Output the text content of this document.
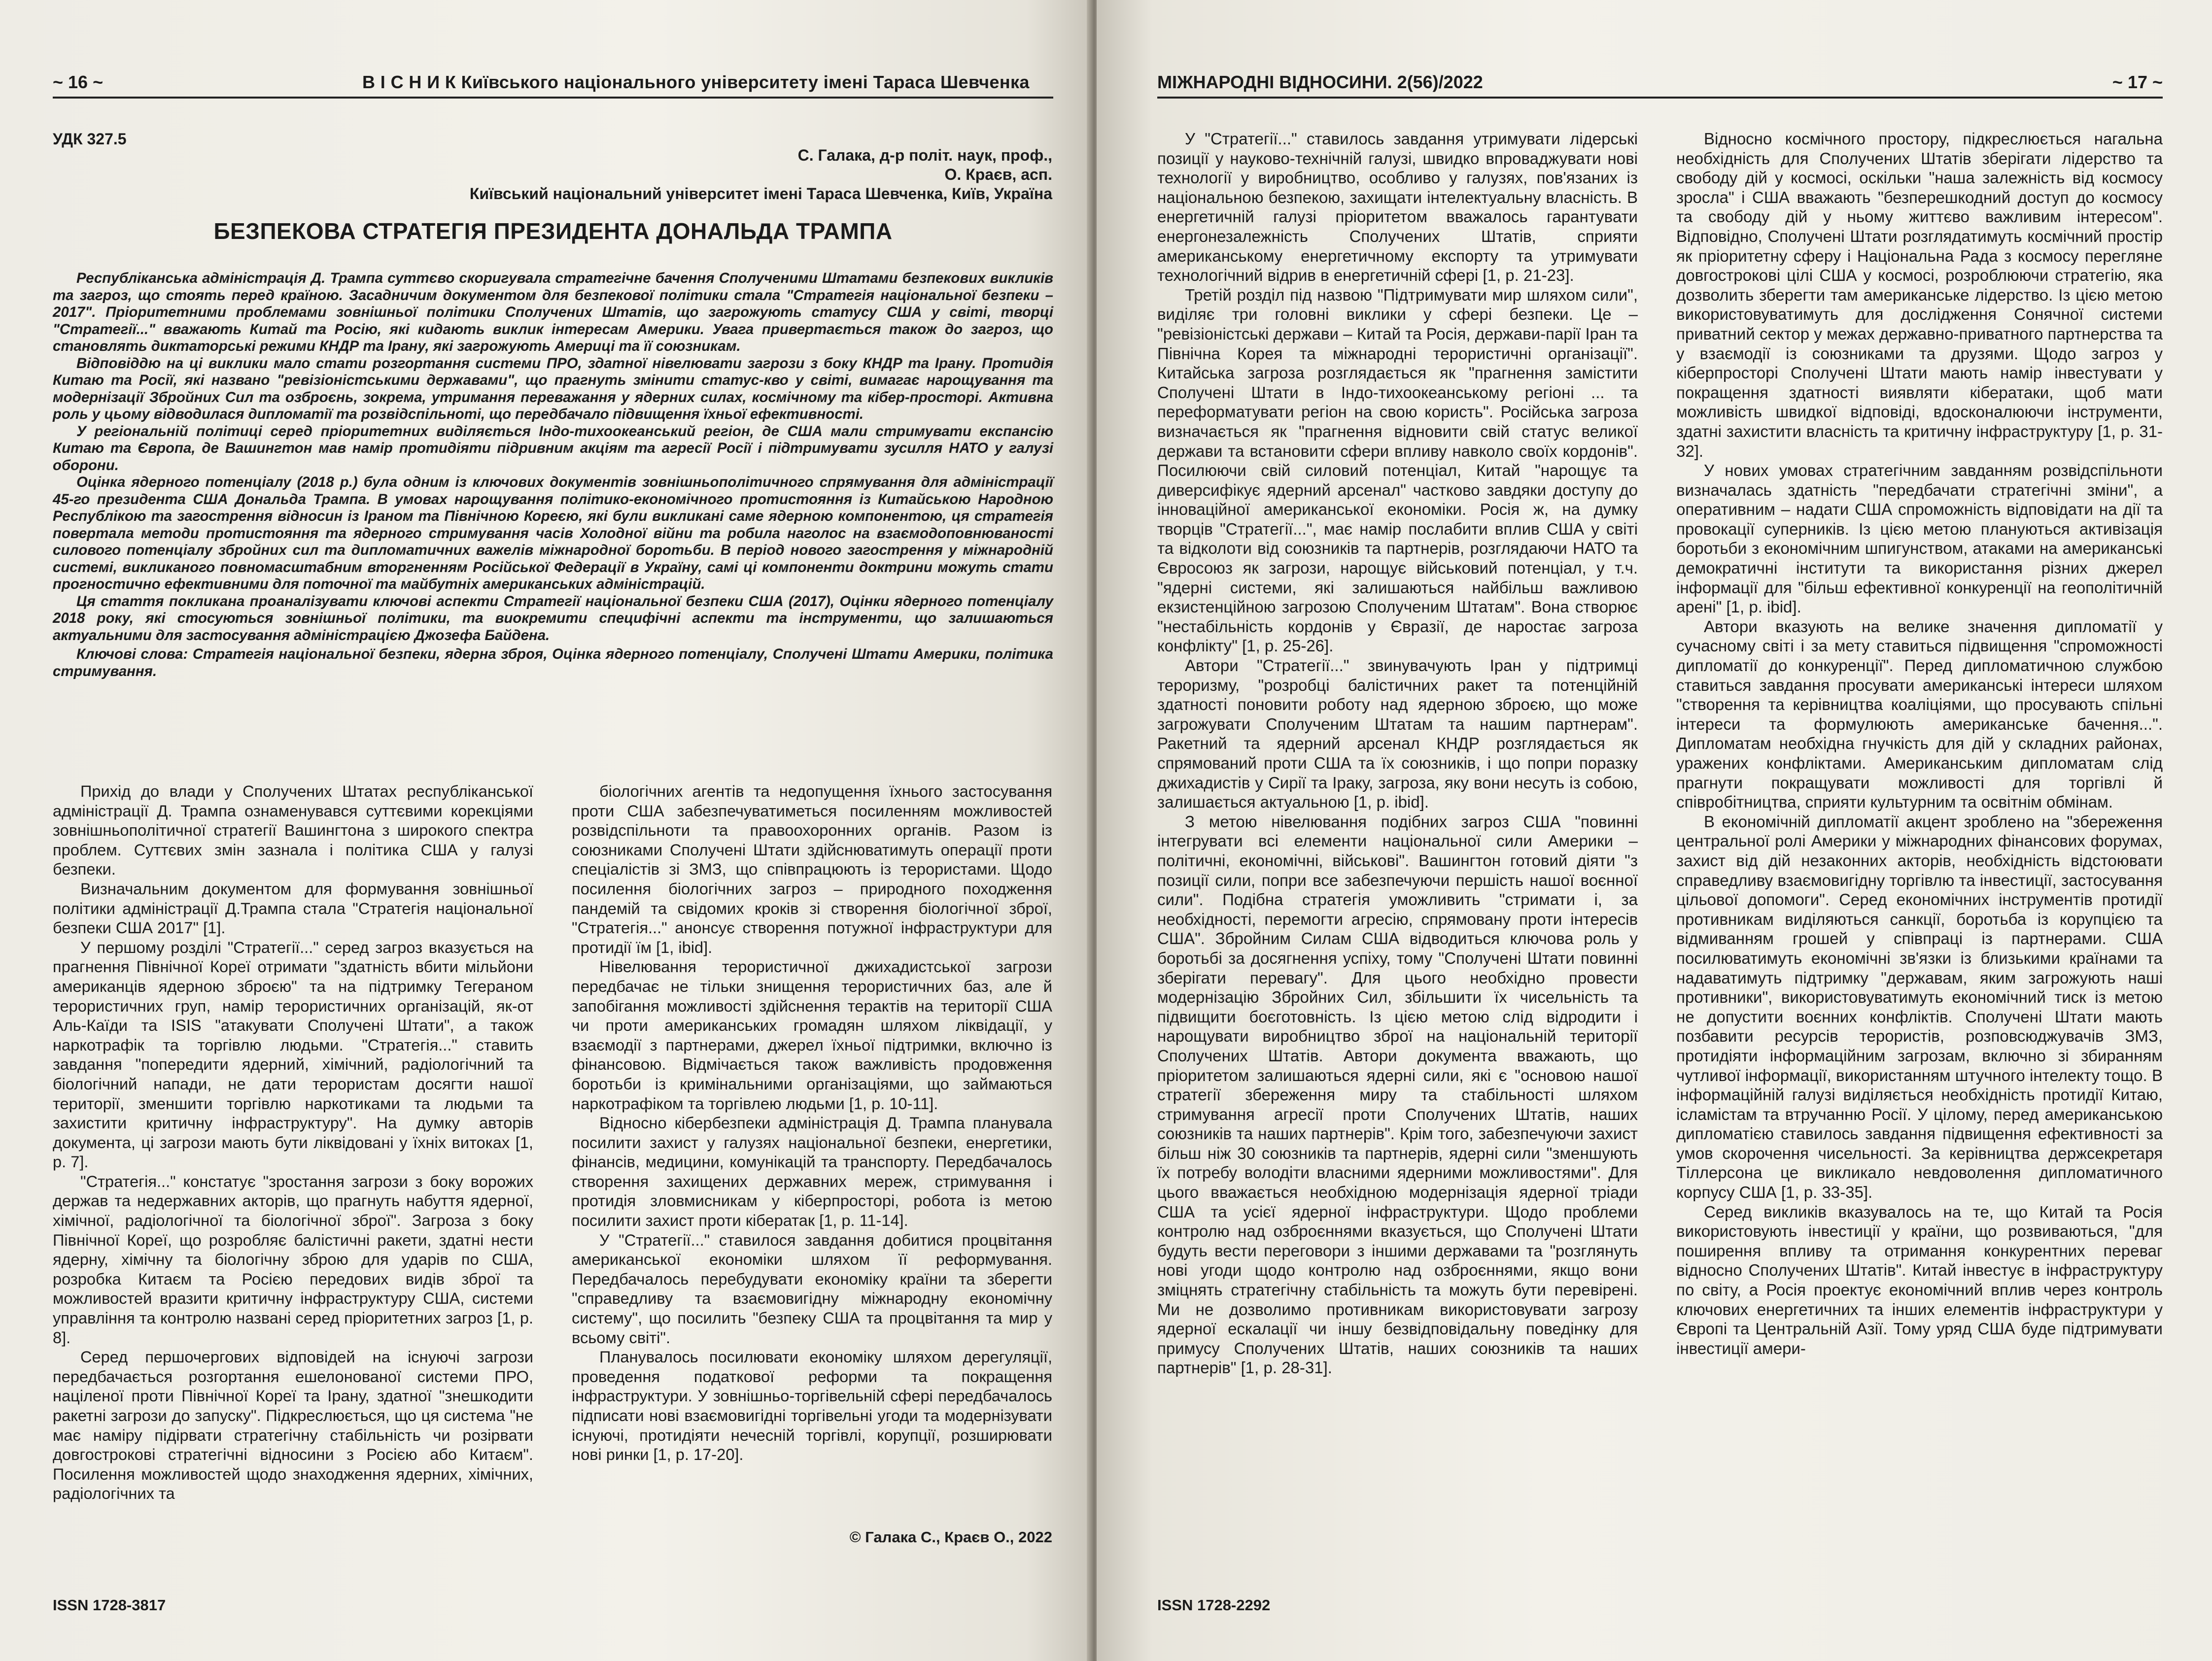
~ 16 ~	В І С Н И К Київського національного університету імені Тараса Шевченка
УДК 327.5
С. Галака, д-р політ. наук, проф.,
О. Краєв, асп.
Київський національний університет імені Тараса Шевченка, Київ, Україна
БЕЗПЕКОВА СТРАТЕГІЯ ПРЕЗИДЕНТА ДОНАЛЬДА ТРАМПА

Республіканська адміністрація Д. Трампа суттєво скоригувала стратегічне бачення Сполученими Штатами безпекових викликів та загроз, що стоять перед країною. Засадничим документом для безпекової політики стала "Стратегія національної безпеки – 2017". Пріоритетними проблемами зовнішньої політики Сполучених Штатів, що загрожують статусу США у світі, творці "Стратегії..." вважають Китай та Росію, які кидають виклик інтересам Америки. Увага привертається також до загроз, що становлять диктаторські режими КНДР та Ірану, які загрожують Америці та її союзникам.

Відповіддю на ці виклики мало стати розгортання системи ПРО, здатної нівелювати загрози з боку КНДР та Ірану. Протидія Китаю та Росії, які названо "ревізіоністськими державами", що прагнуть змінити статус-кво у світі, вимагає нарощування та модернізації Збройних Сил та озброєнь, зокрема, утримання переважання у ядерних силах, космічному та кібер-просторі. Активна роль у цьому відводилася дипломатії та розвідспільноті, що передбачало підвищення їхньої ефективності.

У регіональній політиці серед пріоритетних виділяється Індо-тихоокеанський регіон, де США мали стримувати експансію Китаю та Європа, де Вашингтон мав намір протидіяти підривним акціям та агресії Росії і підтримувати зусилля НАТО у галузі оборони.

Оцінка ядерного потенціалу (2018 р.) була одним із ключових документів зовнішньополітичного спрямування для адміністрації 45-го президента США Дональда Трампа. В умовах нарощування політико-економічного протистояння із Китайською Народною Республікою та загострення відносин із Іраном та Північною Кореєю, які були викликані саме ядерною компонентою, ця стратегія повертала методи протистояння та ядерного стримування часів Холодної війни та робила наголос на взаємодоповнюваності силового потенціалу збройних сил та дипломатичних важелів міжнародної боротьби. В період нового загострення у міжнародній системі, викликаного повномасштабним вторгненням Російської Федерації в Україну, самі ці компоненти доктрини можуть стати прогностично ефективними для поточної та майбутніх американських адміністрацій.

Ця стаття покликана проаналізувати ключові аспекти Стратегії національної безпеки США (2017), Оцінки ядерного потенціалу 2018 року, які стосуються зовнішньої політики, та виокремити специфічні аспекти та інструменти, що залишаються актуальними для застосування адміністрацією Джозефа Байдена.

Ключові слова: Стратегія національної безпеки, ядерна зброя, Оцінка ядерного потенціалу, Сполучені Штати Америки, політика стримування.

Прихід до влади у Сполучених Штатах республіканської адміністрації Д. Трампа ознаменувався суттєвими корекціями зовнішньополітичної стратегії Вашингтона з широкого спектра проблем. Суттєвих змін зазнала і політика США у галузі безпеки.

Визначальним документом для формування зовнішньої політики адміністрації Д.Трампа стала "Стратегія національної безпеки США 2017" [1].

У першому розділі "Стратегії..." серед загроз вказується на прагнення Північної Кореї отримати "здатність вбити мільйони американців ядерною зброєю" та на підтримку Тегераном терористичних груп, намір терористичних організацій, як-от Аль-Каїди та ISIS "атакувати Сполучені Штати", а також наркотрафік та торгівлю людьми. "Стратегія..." ставить завдання "попередити ядерний, хімічний, радіологічний та біологічний напади, не дати терористам досягти нашої території, зменшити торгівлю наркотиками та людьми та захистити критичну інфраструктуру". На думку авторів документа, ці загрози мають бути ліквідовані у їхніх витоках [1, p. 7].

"Стратегія..." констатує "зростання загрози з боку ворожих держав та недержавних акторів, що прагнуть набуття ядерної, хімічної, радіологічної та біологічної зброї". Загроза з боку Північної Кореї, що розробляє балістичні ракети, здатні нести ядерну, хімічну та біологічну зброю для ударів по США, розробка Китаєм та Росією передових видів зброї та можливостей вразити критичну інфраструктуру США, системи управління та контролю названі серед пріоритетних загроз [1, p. 8].

Серед першочергових відповідей на існуючі загрози передбачається розгортання ешелонованої системи ПРО, націленої проти Північної Кореї та Ірану, здатної "знешкодити ракетні загрози до запуску". Підкреслюється, що ця система "не має наміру підірвати стратегічну стабільність чи розірвати довгострокові стратегічні відносини з Росією або Китаєм". Посилення можливостей щодо знаходження ядерних, хімічних, радіологічних та

біологічних агентів та недопущення їхнього застосування проти США забезпечуватиметься посиленням можливостей розвідспільноти та правоохоронних органів. Разом із союзниками Сполучені Штати здійснюватимуть операції проти спеціалістів зі ЗМЗ, що співпрацюють із терористами. Щодо посилення біологічних загроз – природного походження пандемій та свідомих кроків зі створення біологічної зброї, "Стратегія..." анонсує створення потужної інфраструктури для протидії їм [1, ibid].

Нівелювання терористичної джихадистської загрози передбачає не тільки знищення терористичних баз, але й запобігання можливості здійснення терактів на території США чи проти американських громадян шляхом ліквідації, у взаємодії з партнерами, джерел їхньої підтримки, включно із фінансовою. Відмічається також важливість продовження боротьби із кримінальними організаціями, що займаються наркотрафіком та торгівлею людьми [1, p. 10-11].

Відносно кібербезпеки адміністрація Д. Трампа планувала посилити захист у галузях національної безпеки, енергетики, фінансів, медицини, комунікацій та транспорту. Передбачалось створення захищених державних мереж, стримування і протидія зловмисникам у кіберпросторі, робота із метою посилити захист проти кібератак [1, p. 11-14].

У "Стратегії..." ставилося завдання добитися процвітання американської економіки шляхом її реформування. Передбачалось перебудувати економіку країни та зберегти "справедливу та взаємовигідну міжнародну економічну систему", що посилить "безпеку США та процвітання та мир у всьому світі".

Планувалось посилювати економіку шляхом дерегуляції, проведення податкової реформи та покращення інфраструктури. У зовнішньо-торгівельній сфері передбачалось підписати нові взаємовигідні торгівельні угоди та модернізувати існуючі, протидіяти нечесній торгівлі, корупції, розширювати нові ринки [1, p. 17-20].

© Галака С., Краєв О., 2022
ISSN 1728-3817
МІЖНАРОДНІ ВІДНОСИНИ. 2(56)/2022	~ 17 ~

У "Стратегії..." ставилось завдання утримувати лідерські позиції у науково-технічній галузі, швидко впроваджувати нові технології у виробництво, особливо у галузях, пов'язаних із національною безпекою, захищати інтелектуальну власність. В енергетичній галузі пріоритетом вважалось гарантувати енергонезалежність Сполучених Штатів, сприяти американському енергетичному експорту та утримувати технологічний відрив в енергетичній сфері [1, p. 21-23].

Третій розділ під назвою "Підтримувати мир шляхом сили", виділяє три головні виклики у сфері безпеки. Це – "ревізіоністські держави – Китай та Росія, держави-парії Іран та Північна Корея та міжнародні терористичні організації". Китайська загроза розглядається як "прагнення замістити Сполучені Штати в Індо-тихоокеанському регіоні ... та переформатувати регіон на свою користь". Російська загроза визначається як "прагнення відновити свій статус великої держави та встановити сфери впливу навколо своїх кордонів". Посилюючи свій силовий потенціал, Китай "нарощує та диверсифікує ядерний арсенал" частково завдяки доступу до інноваційної американської економіки. Росія ж, на думку творців "Стратегії...", має намір послабити вплив США у світі та відколоти від союзників та партнерів, розглядаючи НАТО та Євросоюз як загрози, нарощує військовий потенціал, у т.ч. "ядерні системи, які залишаються найбільш важливою екзистенційною загрозою Сполученим Штатам". Вона створює "нестабільність кордонів у Євразії, де наростає загроза конфлікту" [1, p. 25-26].

Автори "Стратегії..." звинувачують Іран у підтримці тероризму, "розробці балістичних ракет та потенційній здатності поновити роботу над ядерною зброєю, що може загрожувати Сполученим Штатам та нашим партнерам". Ракетний та ядерний арсенал КНДР розглядається як спрямований проти США та їх союзників, і що попри поразку джихадистів у Сирії та Іраку, загроза, яку вони несуть із собою, залишається актуальною [1, p. ibid].

З метою нівелювання подібних загроз США "повинні інтегрувати всі елементи національної сили Америки – політичні, економічні, військові". Вашингтон готовий діяти "з позиції сили, попри все забезпечуючи першість нашої воєнної сили". Подібна стратегія уможливить "стримати і, за необхідності, перемогти агресію, спрямовану проти інтересів США". Збройним Силам США відводиться ключова роль у боротьбі за досягнення успіху, тому "Сполучені Штати повинні зберігати перевагу". Для цього необхідно провести модернізацію Збройних Сил, збільшити їх чисельність та підвищити боєготовність. Із цією метою слід відродити і нарощувати виробництво зброї на національній території Сполучених Штатів. Автори документа вважають, що пріоритетом залишаються ядерні сили, які є "основою нашої стратегії збереження миру та стабільності шляхом стримування агресії проти Сполучених Штатів, наших союзників та наших партнерів". Крім того, забезпечуючи захист більш ніж 30 союзників та партнерів, ядерні сили "зменшують їх потребу володіти власними ядерними можливостями". Для цього вважається необхідною модернізація ядерної тріади США та усієї ядерної інфраструктури. Щодо проблеми контролю над озброєннями вказується, що Сполучені Штати будуть вести переговори з іншими державами та "розглянуть нові угоди щодо контролю над озброєннями, якщо вони зміцнять стратегічну стабільність та можуть бути перевірені. Ми не дозволимо противникам використовувати загрозу ядерної ескалації чи іншу безвідповідальну поведінку для примусу Сполучених Штатів, наших союзників та наших партнерів" [1, p. 28-31].

Відносно космічного простору, підкреслюється нагальна необхідність для Сполучених Штатів зберігати лідерство та свободу дій у космосі, оскільки "наша залежність від космосу зросла" і США вважають "безперешкодний доступ до космосу та свободу дій у ньому життєво важливим інтересом". Відповідно, Сполучені Штати розглядатимуть космічний простір як пріоритетну сферу і Національна Рада з космосу перегляне довгострокові цілі США у космосі, розроблюючи стратегію, яка дозволить зберегти там американське лідерство. Із цією метою використовуватимуть для дослідження Сонячної системи приватний сектор у межах державно-приватного партнерства та у взаємодії із союзниками та друзями. Щодо загроз у кіберпросторі Сполучені Штати мають намір інвестувати у покращення здатності виявляти кібератаки, щоб мати можливість швидкої відповіді, вдосконалюючи інструменти, здатні захистити власність та критичну інфраструктуру [1, p. 31-32].

У нових умовах стратегічним завданням розвідспільноти визначалась здатність "передбачати стратегічні зміни", а оперативним – надати США спроможність відповідати на дії та провокації суперників. Із цією метою плануються активізація боротьби з економічним шпигунством, атаками на американські демократичні інститути та використання різних джерел інформації для "більш ефективної конкуренції на геополітичній арені" [1, p. ibid].

Автори вказують на велике значення дипломатії у сучасному світі і за мету ставиться підвищення "спроможності дипломатії до конкуренції". Перед дипломатичною службою ставиться завдання просувати американські інтереси шляхом "створення та керівництва коаліціями, що просувають спільні інтереси та формулюють американське бачення...". Дипломатам необхідна гнучкість для дій у складних районах, уражених конфліктами. Американським дипломатам слід прагнути покращувати можливості для торгівлі й співробітництва, сприяти культурним та освітнім обмінам.

В економічній дипломатії акцент зроблено на "збереження центральної ролі Америки у міжнародних фінансових форумах, захист від дій незаконних акторів, необхідність відстоювати справедливу взаємовигідну торгівлю та інвестиції, застосування цільової допомоги". Серед економічних інструментів протидії противникам виділяються санкції, боротьба із корупцією та відмиванням грошей у співпраці із партнерами. США посилюватимуть економічні зв'язки із близькими країнами та надаватимуть підтримку "державам, яким загрожують наші противники", використовуватимуть економічний тиск із метою не допустити воєнних конфліктів. Сполучені Штати мають позбавити ресурсів терористів, розповсюджувачів ЗМЗ, протидіяти інформаційним загрозам, включно зі збиранням чутливої інформації, використанням штучного інтелекту тощо. В інформаційній галузі виділяється необхідність протидії Китаю, ісламістам та втручанню Росії. У цілому, перед американською дипломатією ставилось завдання підвищення ефективності за умов скорочення чисельності. За керівництва держсекретаря Тіллерсона це викликало невдоволення дипломатичного корпусу США [1, p. 33-35].

Серед викликів вказувалось на те, що Китай та Росія використовують інвестиції у країни, що розвиваються, "для поширення впливу та отримання конкурентних переваг відносно Сполучених Штатів". Китай інвестує в інфраструктуру по світу, а Росія проектує економічний вплив через контроль ключових енергетичних та інших елементів інфраструктури у Європі та Центральній Азії. Тому уряд США буде підтримувати інвестиції амери-

ISSN 1728-2292
